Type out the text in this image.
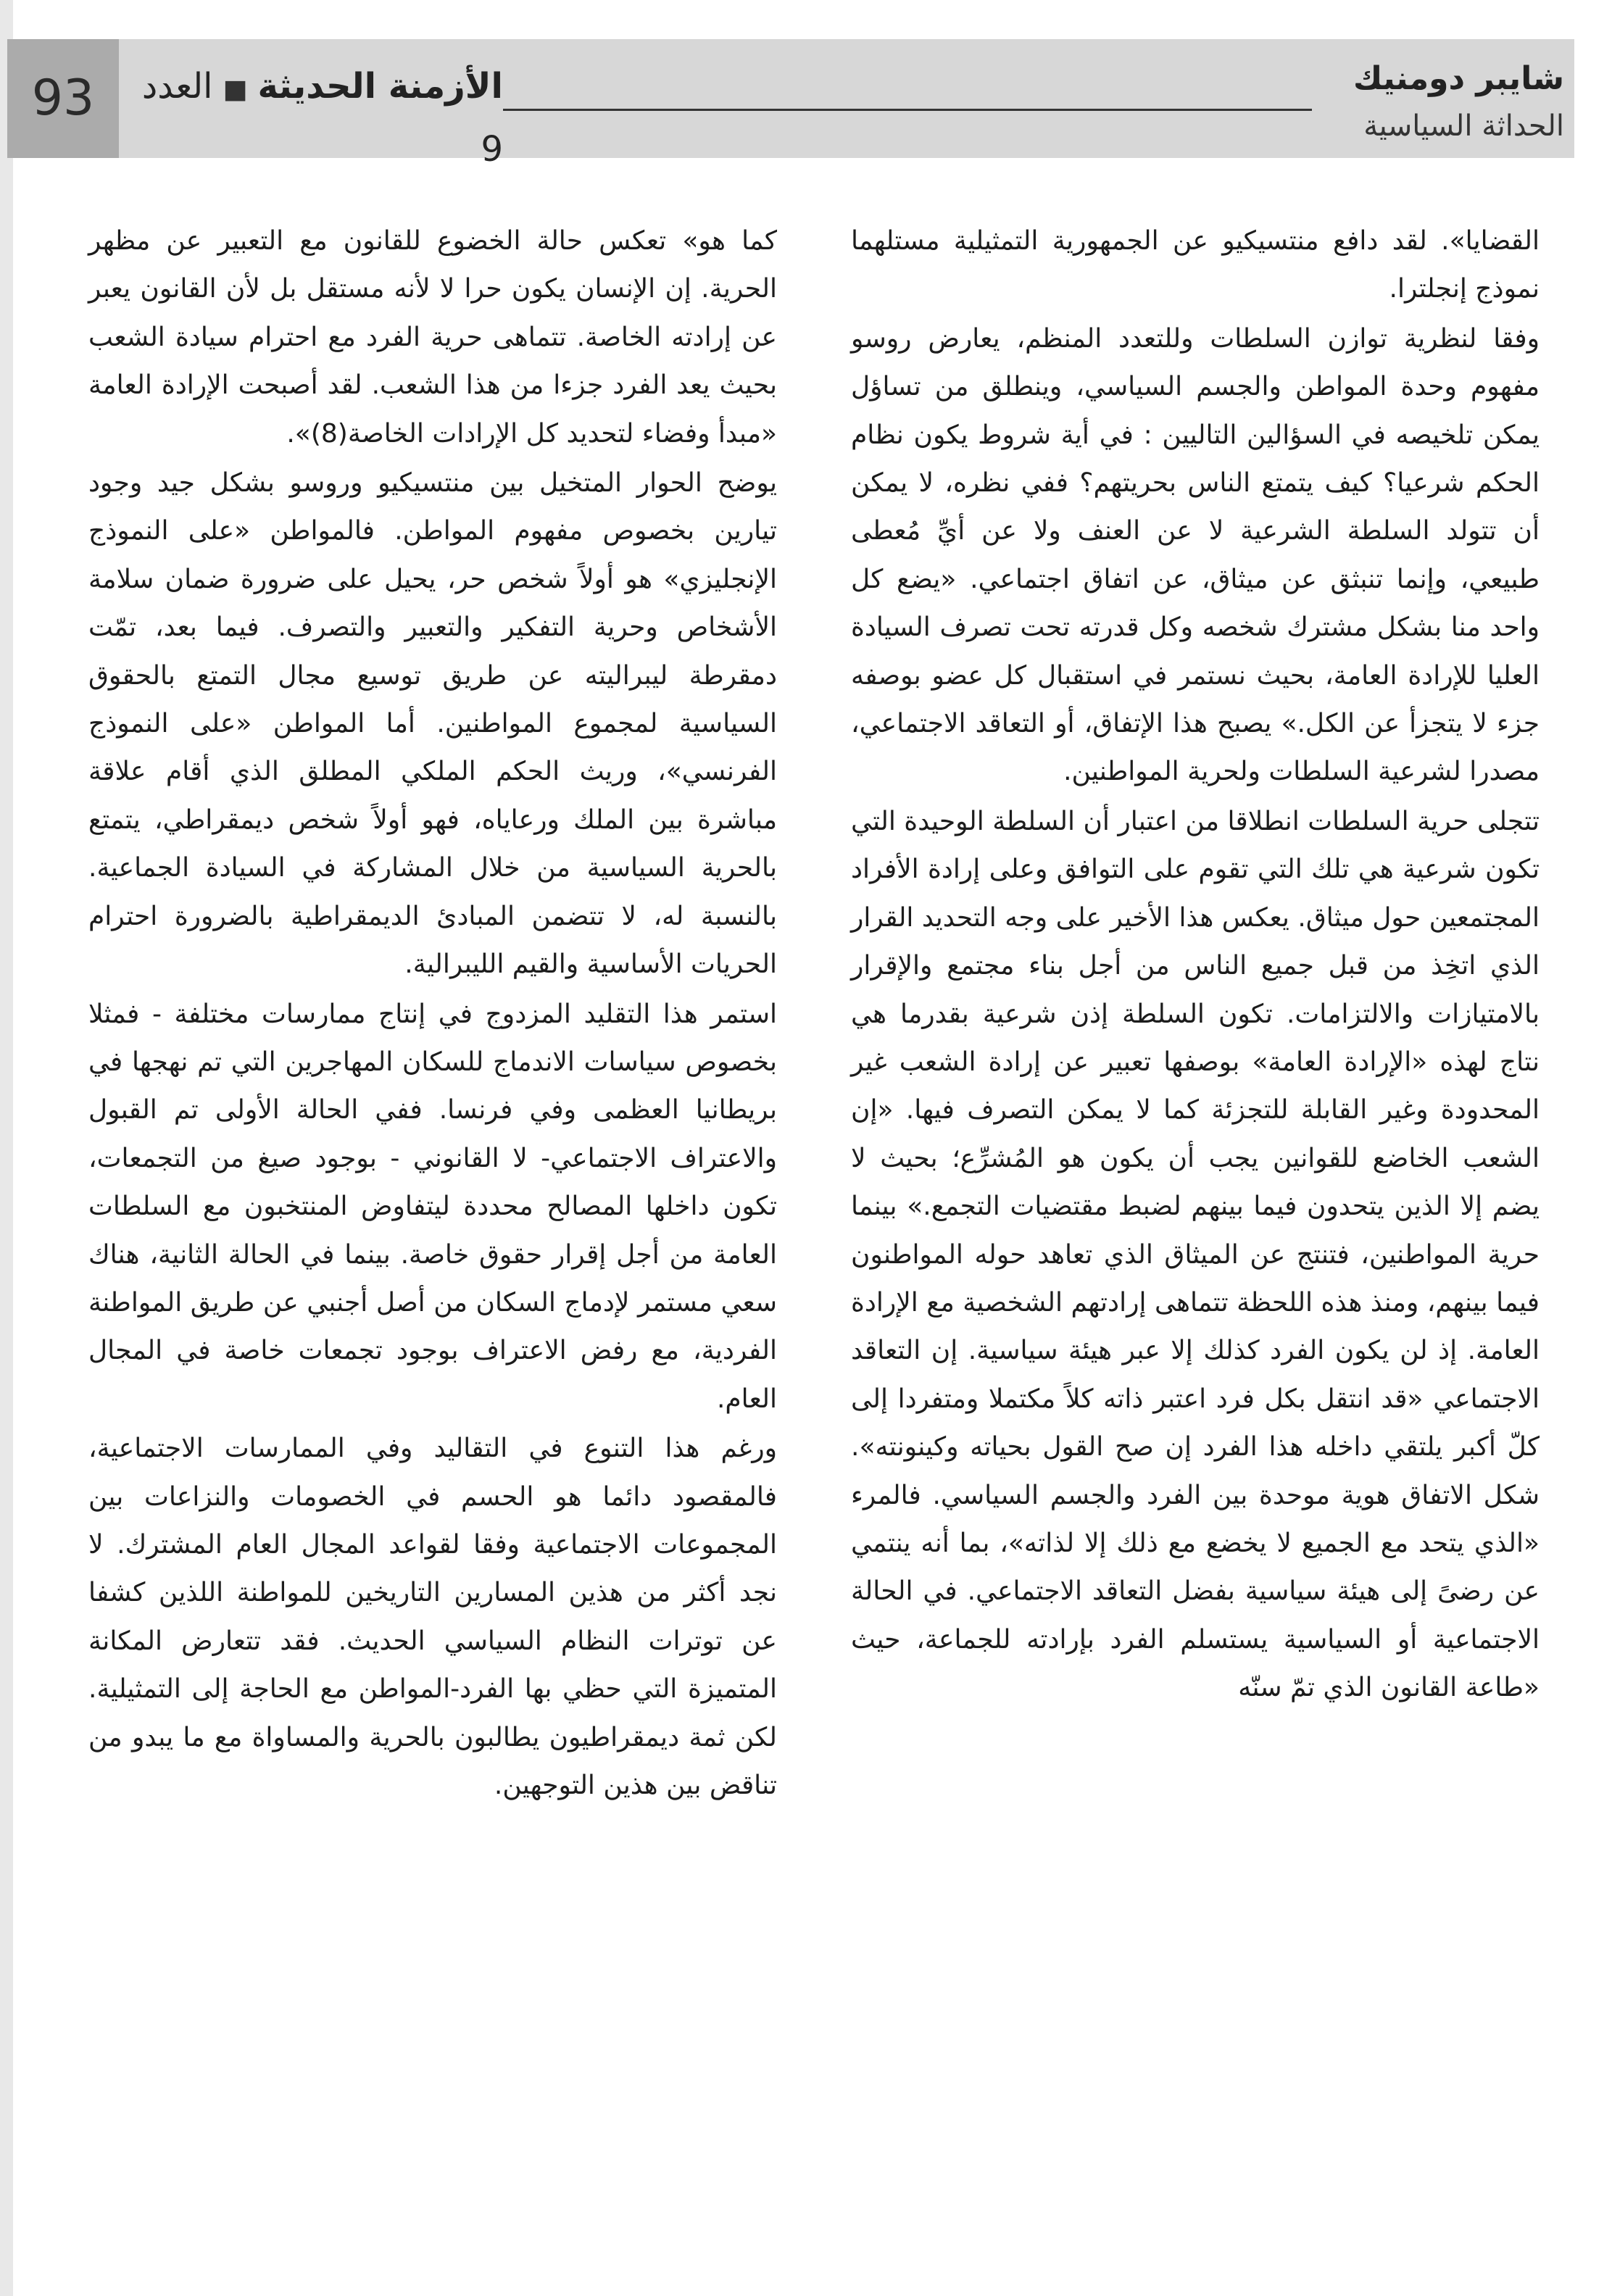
93	الأزمنة الحديثة■العدد 9
شايبر دومنيك
الحداثة السياسية

القضايا». لقد دافع منتسيكيو عن الجمهورية التمثيلية مستلهما نموذج إنجلترا.

وفقا لنظرية توازن السلطات وللتعدد المنظم، يعارض روسو مفهوم وحدة المواطن والجسم السياسي، وينطلق من تساؤل يمكن تلخيصه في السؤالين التاليين : في أية شروط يكون نظام الحكم شرعيا؟ كيف يتمتع الناس بحريتهم؟ ففي نظره، لا يمكن أن تتولد السلطة الشرعية لا عن العنف ولا عن أيِّ مُعطى طبيعي، وإنما تنبثق عن ميثاق، عن اتفاق اجتماعي. «يضع كل واحد منا بشكل مشترك شخصه وكل قدرته تحت تصرف السيادة العليا للإرادة العامة، بحيث نستمر في استقبال كل عضو بوصفه جزء لا يتجزأ عن الكل.» يصبح هذا الإتفاق، أو التعاقد الاجتماعي، مصدرا لشرعية السلطات ولحرية المواطنين.

تتجلى حرية السلطات انطلاقا من اعتبار أن السلطة الوحيدة التي تكون شرعية هي تلك التي تقوم على التوافق وعلى إرادة الأفراد المجتمعين حول ميثاق. يعكس هذا الأخير على وجه التحديد القرار الذي اتخِذ من قبل جميع الناس من أجل بناء مجتمع والإقرار بالامتيازات والالتزامات. تكون السلطة إذن شرعية بقدرما هي نتاج لهذه «الإرادة العامة» بوصفها تعبير عن إرادة الشعب غير المحدودة وغير القابلة للتجزئة كما لا يمكن التصرف فيها. «إن الشعب الخاضع للقوانين يجب أن يكون هو المُشرِّع؛ بحيث لا يضم إلا الذين يتحدون فيما بينهم لضبط مقتضيات التجمع.» بينما حرية المواطنين، فتنتج عن الميثاق الذي تعاهد حوله المواطنون فيما بينهم، ومنذ هذه اللحظة تتماهى إرادتهم الشخصية مع الإرادة العامة. إذ لن يكون الفرد كذلك إلا عبر هيئة سياسية. إن التعاقد الاجتماعي «قد انتقل بكل فرد اعتبر ذاته كلاً مكتملا ومتفردا إلى كلّ أكبر يلتقي داخله هذا الفرد إن صح القول بحياته وكينونته». شكل الاتفاق هوية موحدة بين الفرد والجسم السياسي. فالمرء «الذي يتحد مع الجميع لا يخضع مع ذلك إلا لذاته»، بما أنه ينتمي عن رضىً إلى هيئة سياسية بفضل التعاقد الاجتماعي. في الحالة الاجتماعية أو السياسية يستسلم الفرد بإرادته للجماعة، حيث «طاعة القانون الذي تمّ سنّه

كما هو» تعكس حالة الخضوع للقانون مع التعبير عن مظهر الحرية. إن الإنسان يكون حرا لا لأنه مستقل بل لأن القانون يعبر عن إرادته الخاصة. تتماهى حرية الفرد مع احترام سيادة الشعب بحيث يعد الفرد جزءا من هذا الشعب. لقد أصبحت الإرادة العامة «مبدأ وفضاء لتحديد كل الإرادات الخاصة(8)».

يوضح الحوار المتخيل بين منتسيكيو وروسو بشكل جيد وجود تيارين بخصوص مفهوم المواطن. فالمواطن «على النموذج الإنجليزي» هو أولاً شخص حر، يحيل على ضرورة ضمان سلامة الأشخاص وحرية التفكير والتعبير والتصرف. فيما بعد، تمّت دمقرطة ليبراليته عن طريق توسيع مجال التمتع بالحقوق السياسية لمجموع المواطنين. أما المواطن «على النموذج الفرنسي»، وريث الحكم الملكي المطلق الذي أقام علاقة مباشرة بين الملك ورعاياه، فهو أولاً شخص ديمقراطي، يتمتع بالحرية السياسية من خلال المشاركة في السيادة الجماعية. بالنسبة له، لا تتضمن المبادئ الديمقراطية بالضرورة احترام الحريات الأساسية والقيم الليبرالية.

استمر هذا التقليد المزدوج في إنتاج ممارسات مختلفة - فمثلا بخصوص سياسات الاندماج للسكان المهاجرين التي تم نهجها في بريطانيا العظمى وفي فرنسا. ففي الحالة الأولى تم القبول والاعتراف الاجتماعي- لا القانوني - بوجود صيغ من التجمعات، تكون داخلها المصالح محددة ليتفاوض المنتخبون مع السلطات العامة من أجل إقرار حقوق خاصة. بينما في الحالة الثانية، هناك سعي مستمر لإدماج السكان من أصل أجنبي عن طريق المواطنة الفردية، مع رفض الاعتراف بوجود تجمعات خاصة في المجال العام.

ورغم هذا التنوع في التقاليد وفي الممارسات الاجتماعية، فالمقصود دائما هو الحسم في الخصومات والنزاعات بين المجموعات الاجتماعية وفقا لقواعد المجال العام المشترك. لا نجد أكثر من هذين المسارين التاريخين للمواطنة اللذين كشفا عن توترات النظام السياسي الحديث. فقد تتعارض المكانة المتميزة التي حظي بها الفرد-المواطن مع الحاجة إلى التمثيلية. لكن ثمة ديمقراطيون يطالبون بالحرية والمساواة مع ما يبدو من تناقض بين هذين التوجهين.
